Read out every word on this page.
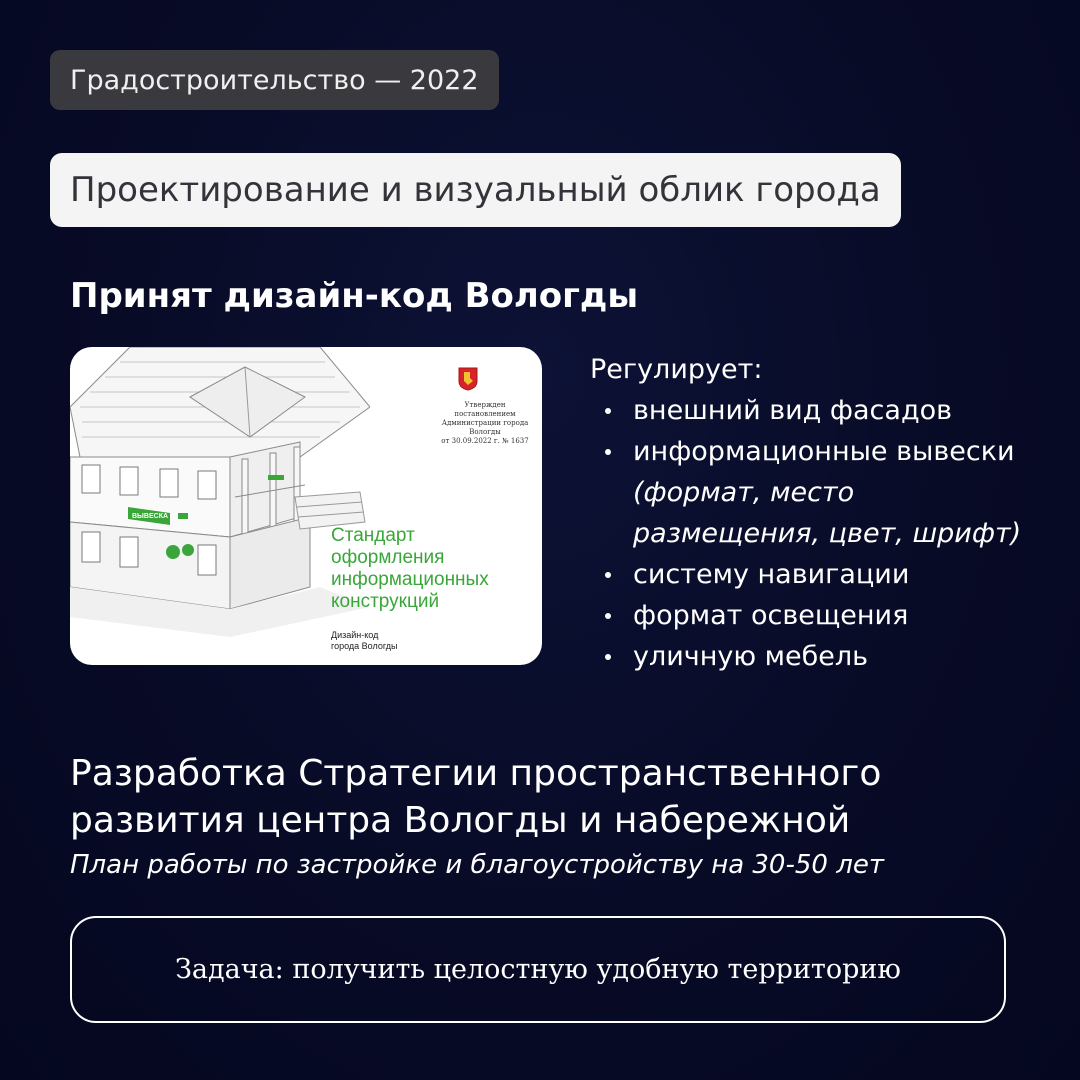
Градостроительство — 2022
Проектирование и визуальный облик города
Принят дизайн-код Вологды
ВЫВЕСКА
Утвержден
постановлением
Администрации города
Вологды
от 30.09.2022 г. № 1637
Стандарт
оформления
информационных
конструкций
Дизайн-код
города Вологды
Регулирует:
внешний вид фасадов
информационные вывески
(формат, место
размещения, цвет, шрифт)
систему навигации
формат освещения
уличную мебель
Разработка Стратегии пространственного
развития центра Вологды и набережной
План работы по застройке и благоустройству на 30-50 лет
Задача: получить целостную удобную территорию
